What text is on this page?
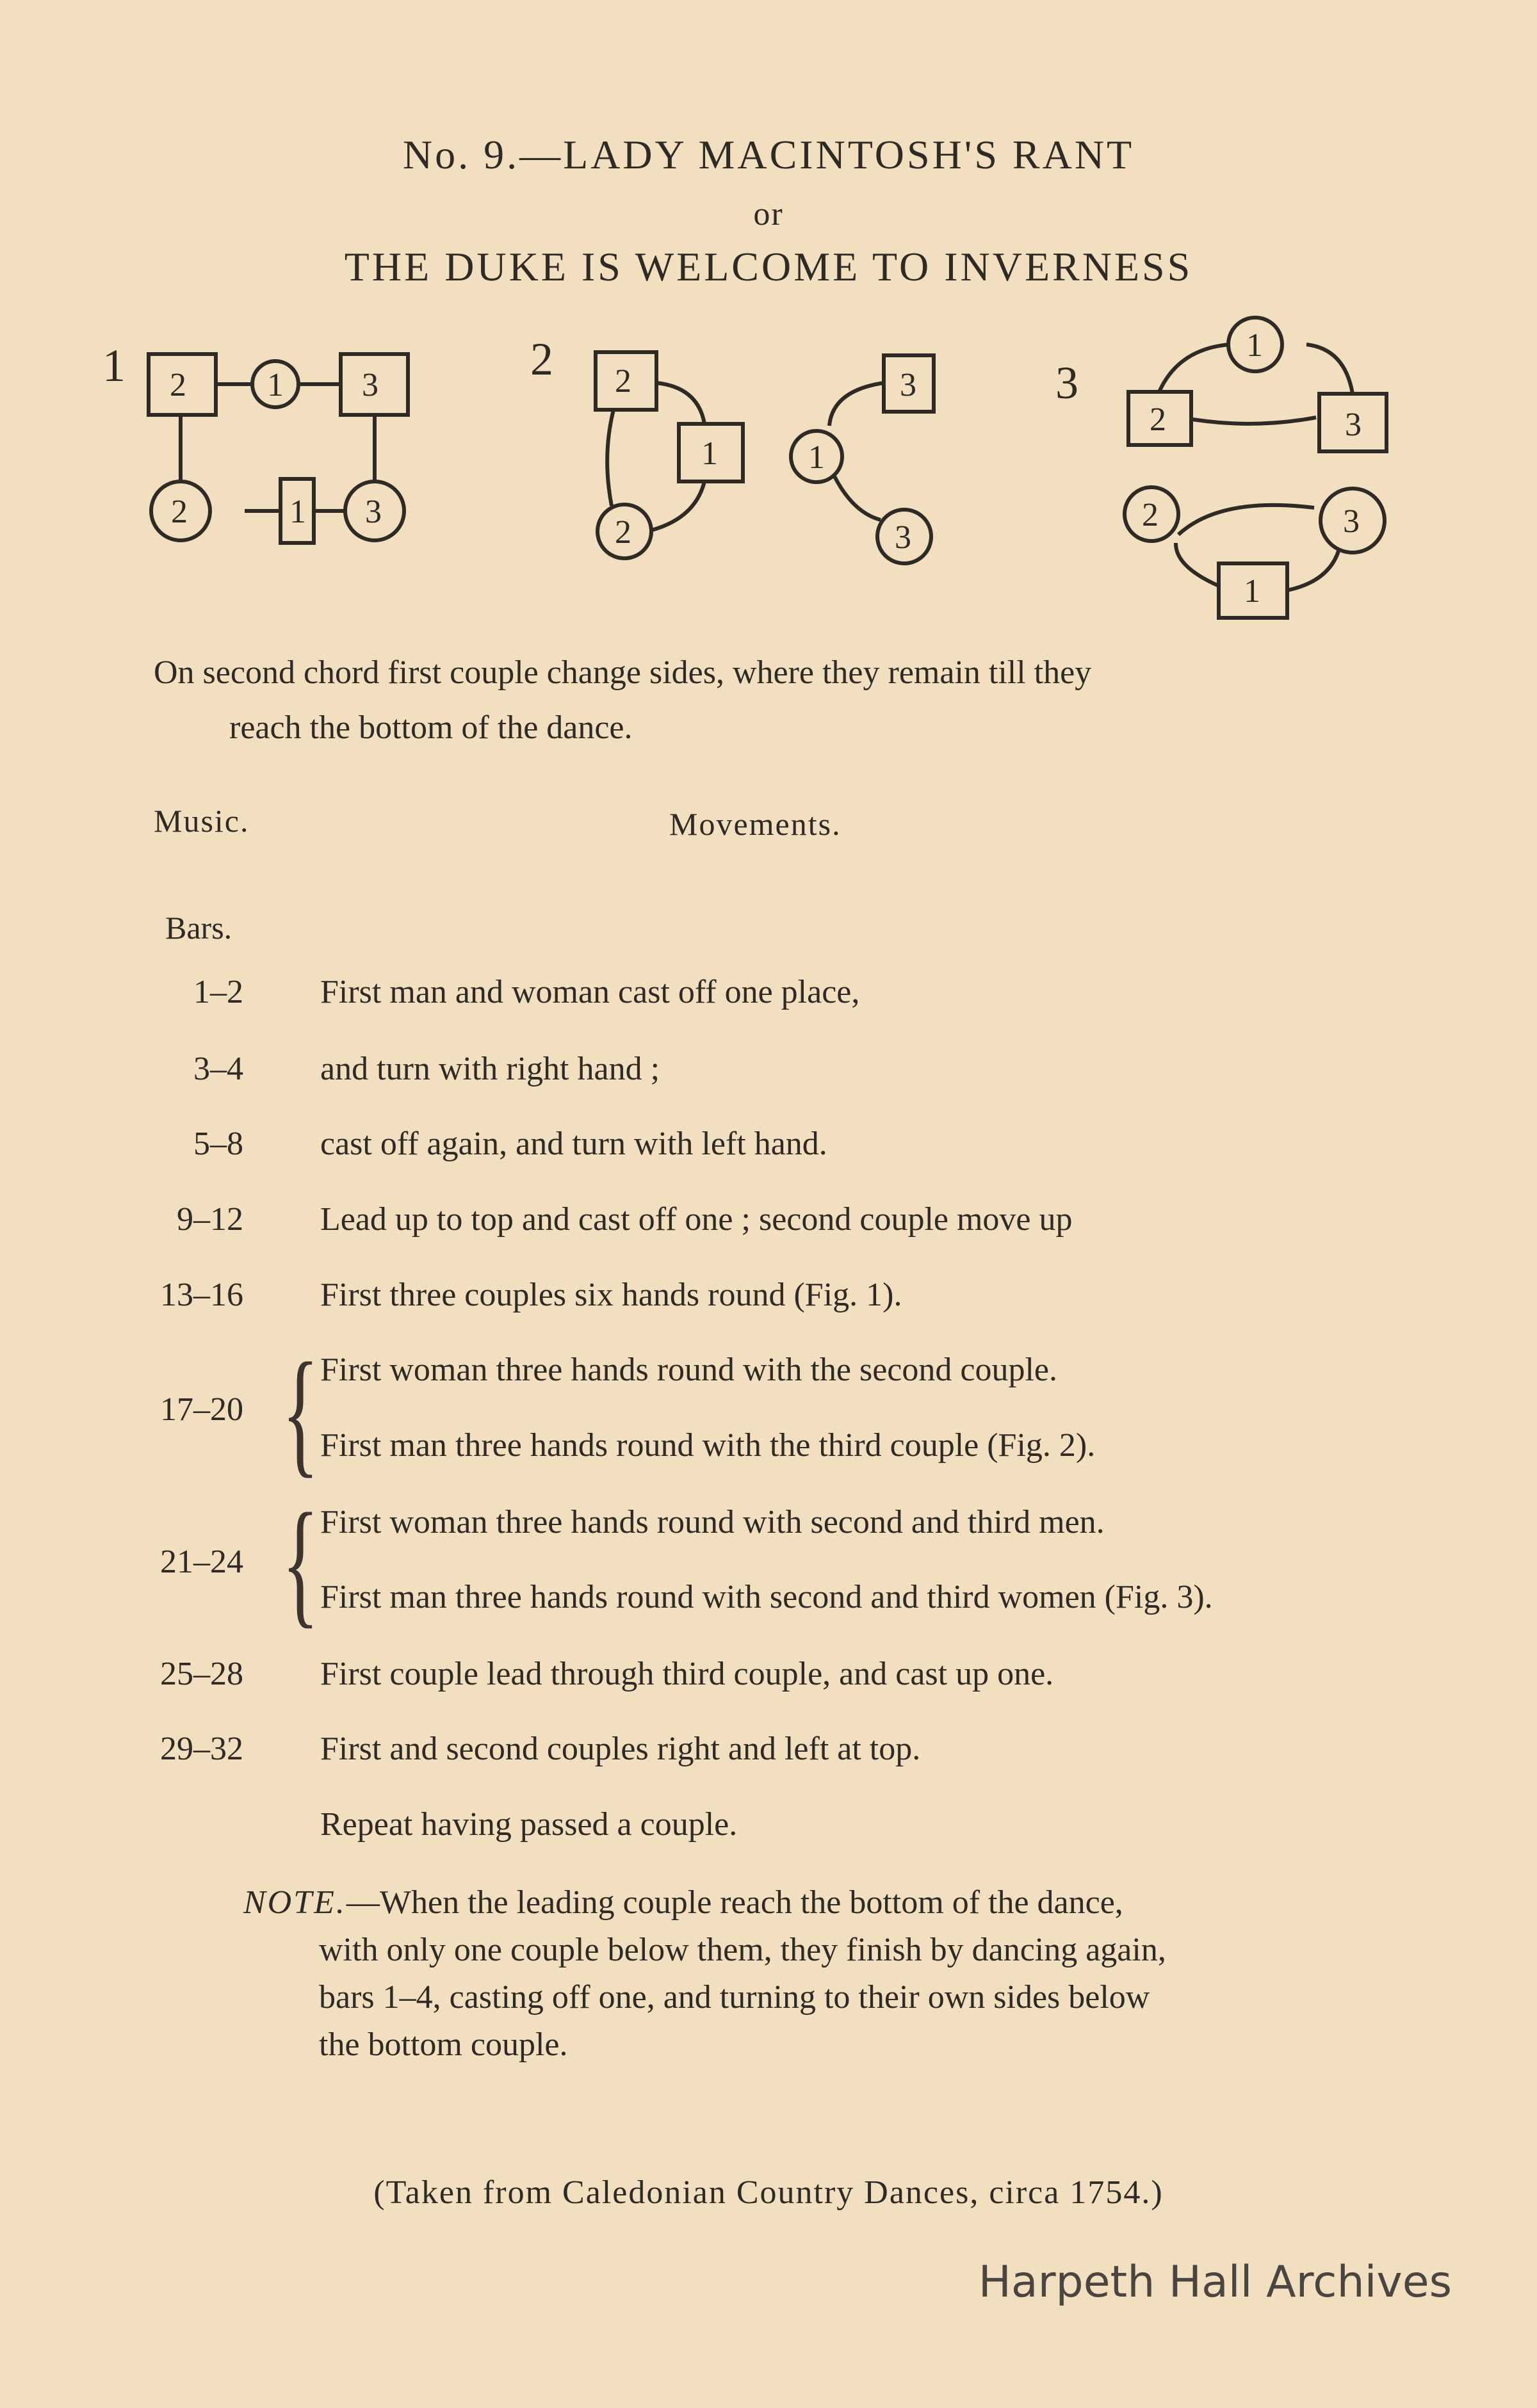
No. 9.—LADY MACINTOSH'S RANT
or
THE DUKE IS WELCOME TO INVERNESS
1 2 1 3
2	1 3
2 2
1
2
3
1
3
3
1
2	3
2	3
1
On second chord first couple change sides, where they remain till they
reach the bottom of the dance.
Music.	Movements.
Bars.
1–2 First man and woman cast off one place,
3–4 and turn with right hand ;
5–8 cast off again, and turn with left hand.
9–12 Lead up to top and cast off one ; second couple move up
13–16 First three couples six hands round (Fig. 1).
{
17–20
First woman three hands round with the second couple.
First man three hands round with the third couple (Fig. 2).
{
21–24
First woman three hands round with second and third men.
First man three hands round with second and third women (Fig. 3).
25–28 First couple lead through third couple, and cast up one.
29–32 First and second couples right and left at top.
Repeat having passed a couple.
NOTE.—When the leading couple reach the bottom of the dance,
with only one couple below them, they finish by dancing again,
bars 1–4, casting off one, and turning to their own sides below
the bottom couple.
(Taken from Caledonian Country Dances, circa 1754.)
Harpeth Hall Archives
